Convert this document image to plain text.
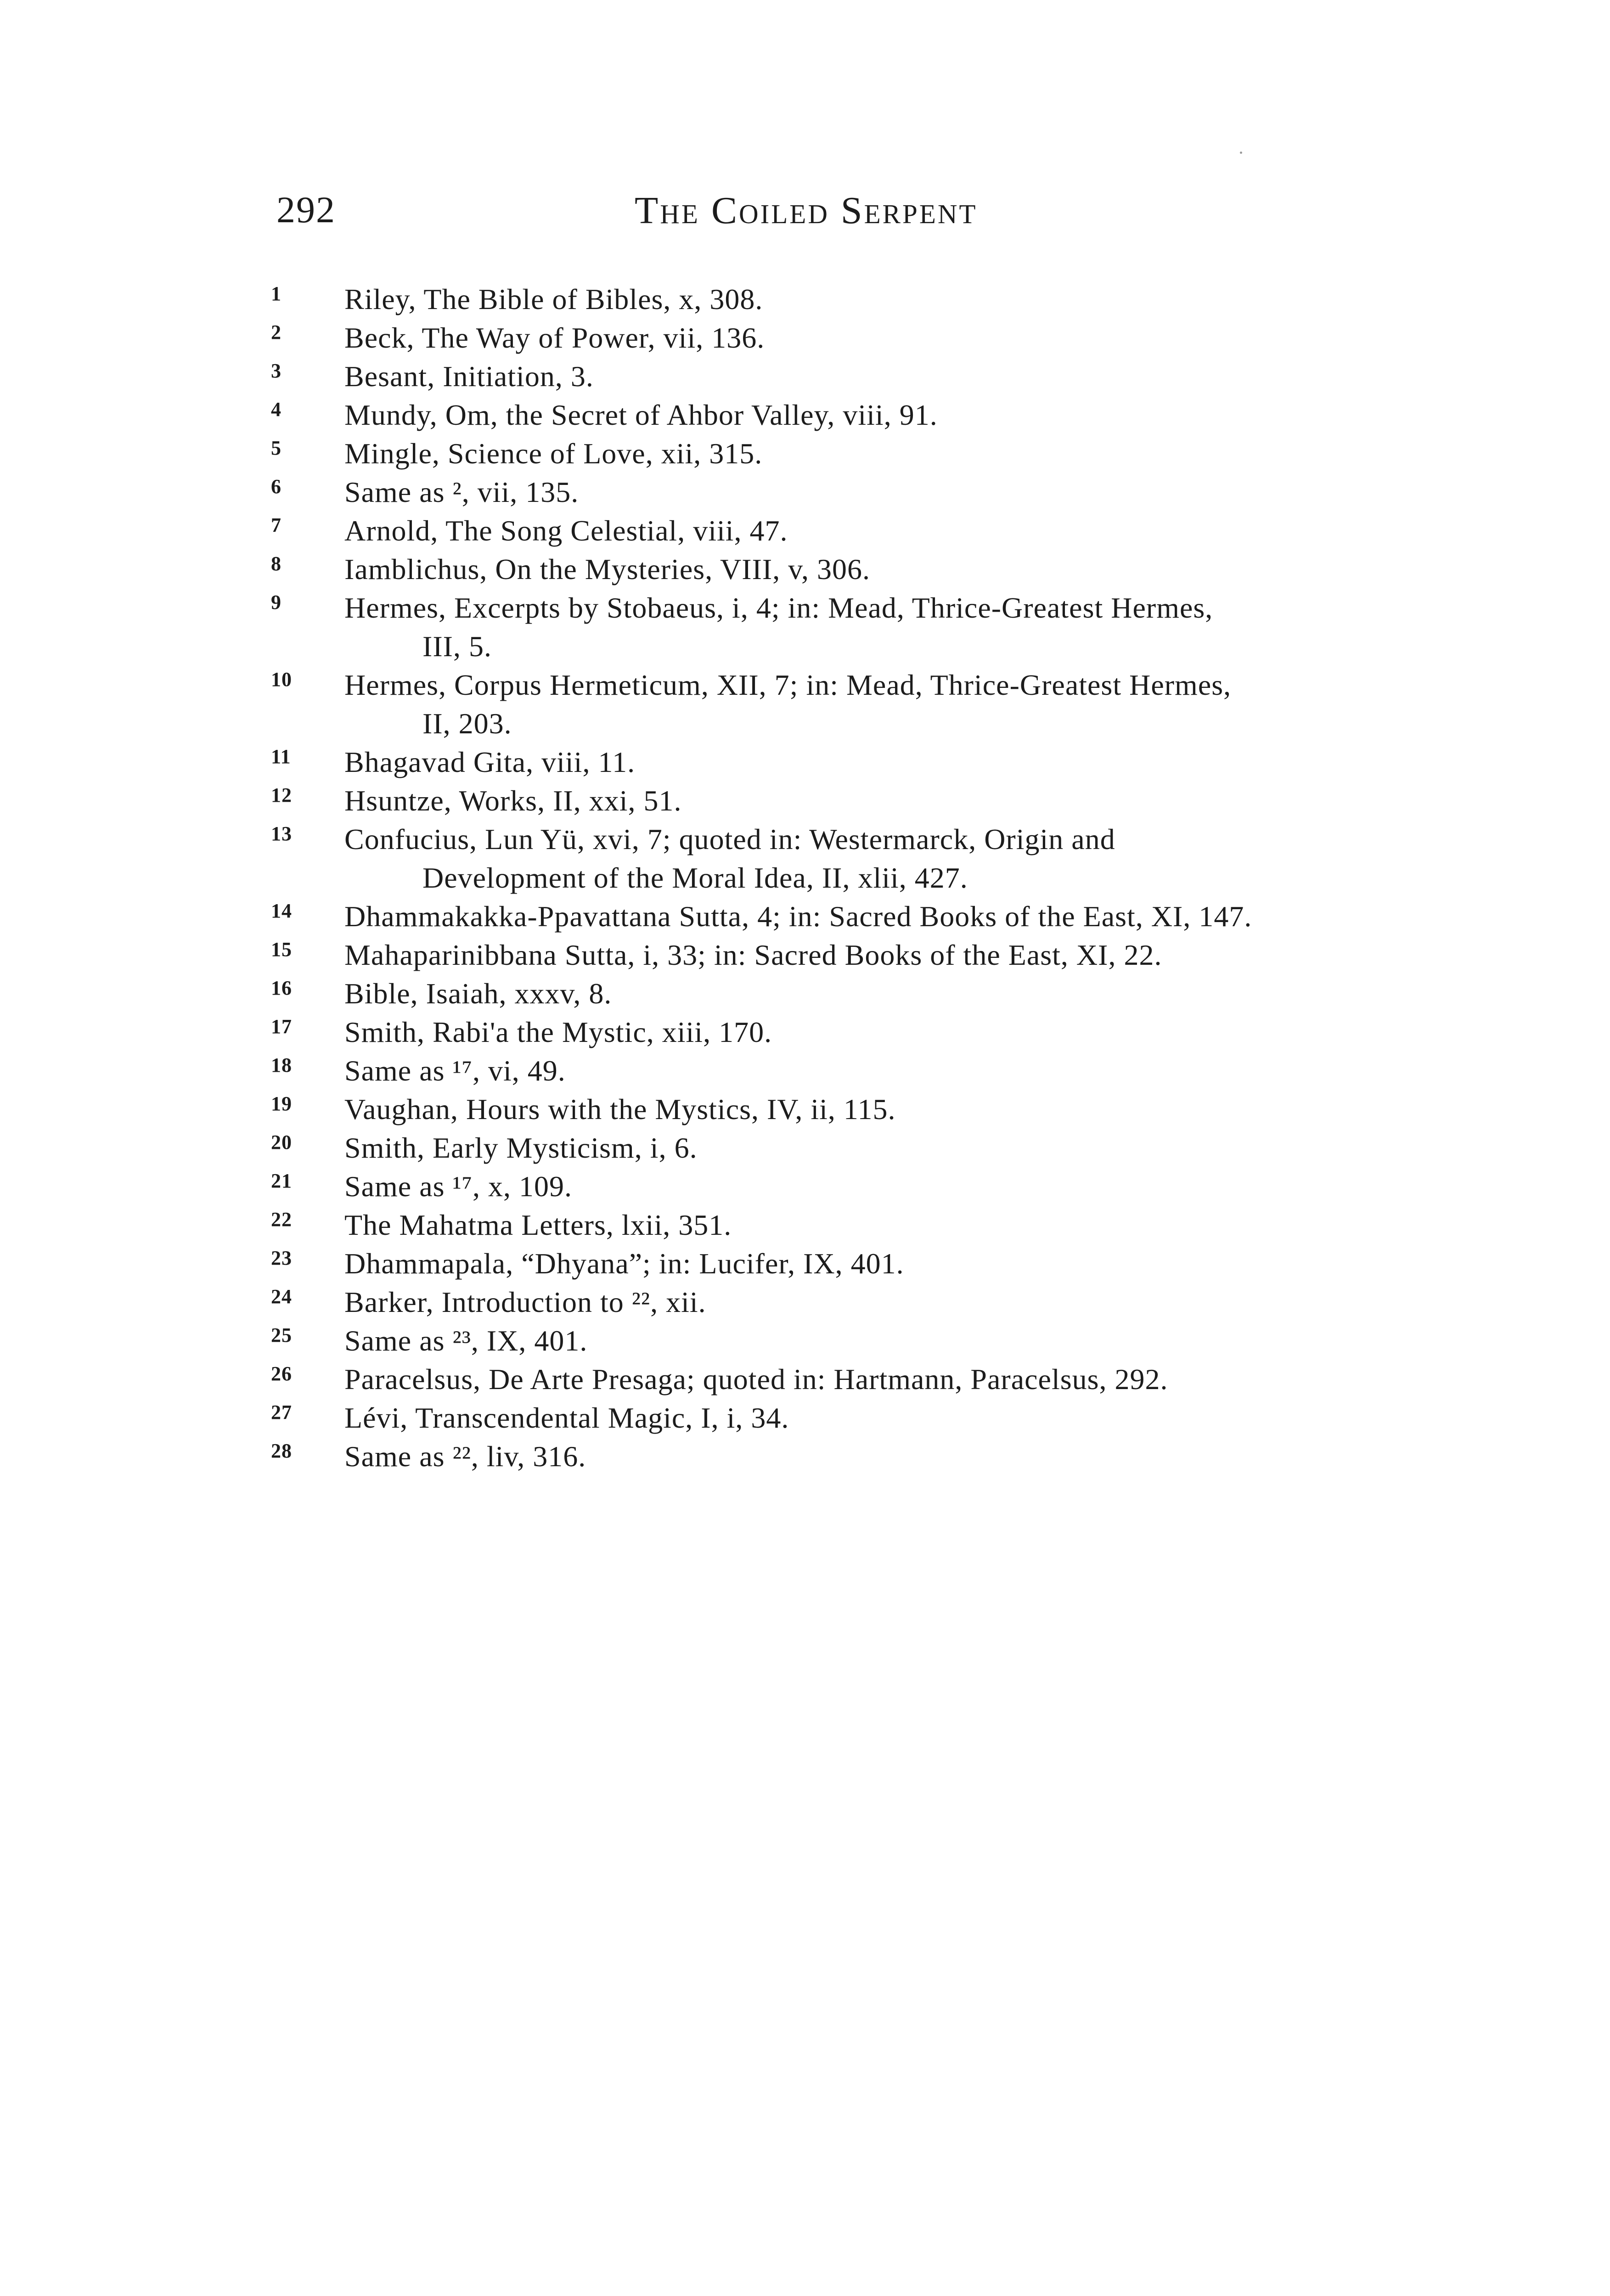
292	The Coiled Serpent
1	Riley, The Bible of Bibles, x, 308.
2	Beck, The Way of Power, vii, 136.
3	Besant, Initiation, 3.
4	Mundy, Om, the Secret of Ahbor Valley, viii, 91.
5	Mingle, Science of Love, xii, 315.
6	Same as ², vii, 135.
7	Arnold, The Song Celestial, viii, 47.
8	Iamblichus, On the Mysteries, VIII, v, 306.
9	Hermes, Excerpts by Stobaeus, i, 4; in: Mead, Thrice-Greatest Hermes,
III, 5.
10	Hermes, Corpus Hermeticum, XII, 7; in: Mead, Thrice-Greatest Hermes,
II, 203.
11	Bhagavad Gita, viii, 11.
12	Hsuntze, Works, II, xxi, 51.
13	Confucius, Lun Yü, xvi, 7; quoted in: Westermarck, Origin and
Development of the Moral Idea, II, xlii, 427.
14	Dhammakakka-Ppavattana Sutta, 4; in: Sacred Books of the East, XI, 147.
15	Mahaparinibbana Sutta, i, 33; in: Sacred Books of the East, XI, 22.
16	Bible, Isaiah, xxxv, 8.
17	Smith, Rabi'a the Mystic, xiii, 170.
18	Same as ¹⁷, vi, 49.
19	Vaughan, Hours with the Mystics, IV, ii, 115.
20	Smith, Early Mysticism, i, 6.
21	Same as ¹⁷, x, 109.
22	The Mahatma Letters, lxii, 351.
23	Dhammapala, “Dhyana”; in: Lucifer, IX, 401.
24	Barker, Introduction to ²², xii.
25	Same as ²³, IX, 401.
26	Paracelsus, De Arte Presaga; quoted in: Hartmann, Paracelsus, 292.
27	Lévi, Transcendental Magic, I, i, 34.
28	Same as ²², liv, 316.
